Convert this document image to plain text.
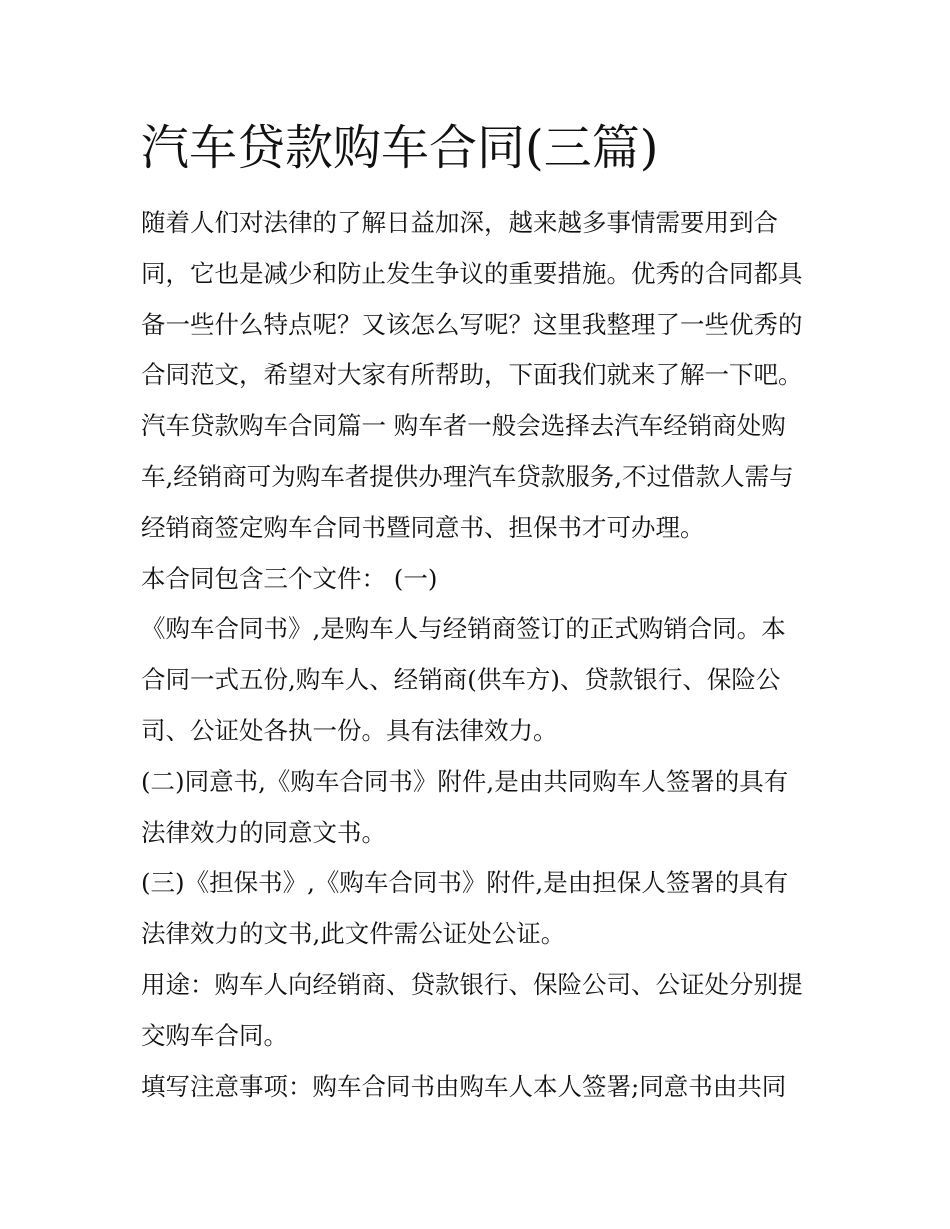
汽车贷款购车合同(三篇)
随着人们对法律的了解日益加深，越来越多事情需要用到合
同，它也是减少和防止发生争议的重要措施。优秀的合同都具
备一些什么特点呢？又该怎么写呢？这里我整理了一些优秀的
合同范文，希望对大家有所帮助，下面我们就来了解一下吧。
汽车贷款购车合同篇一 购车者一般会选择去汽车经销商处购
车,经销商可为购车者提供办理汽车贷款服务,不过借款人需与
经销商签定购车合同书暨同意书、担保书才可办理。
本合同包含三个文件： (一)
《购车合同书》,是购车人与经销商签订的正式购销合同。本
合同一式五份,购车人、经销商(供车方)、贷款银行、保险公
司、公证处各执一份。具有法律效力。
(二)同意书,《购车合同书》附件,是由共同购车人签署的具有
法律效力的同意文书。
(三)《担保书》,《购车合同书》附件,是由担保人签署的具有
法律效力的文书,此文件需公证处公证。
用途：购车人向经销商、贷款银行、保险公司、公证处分别提
交购车合同。
填写注意事项：购车合同书由购车人本人签署;同意书由共同
